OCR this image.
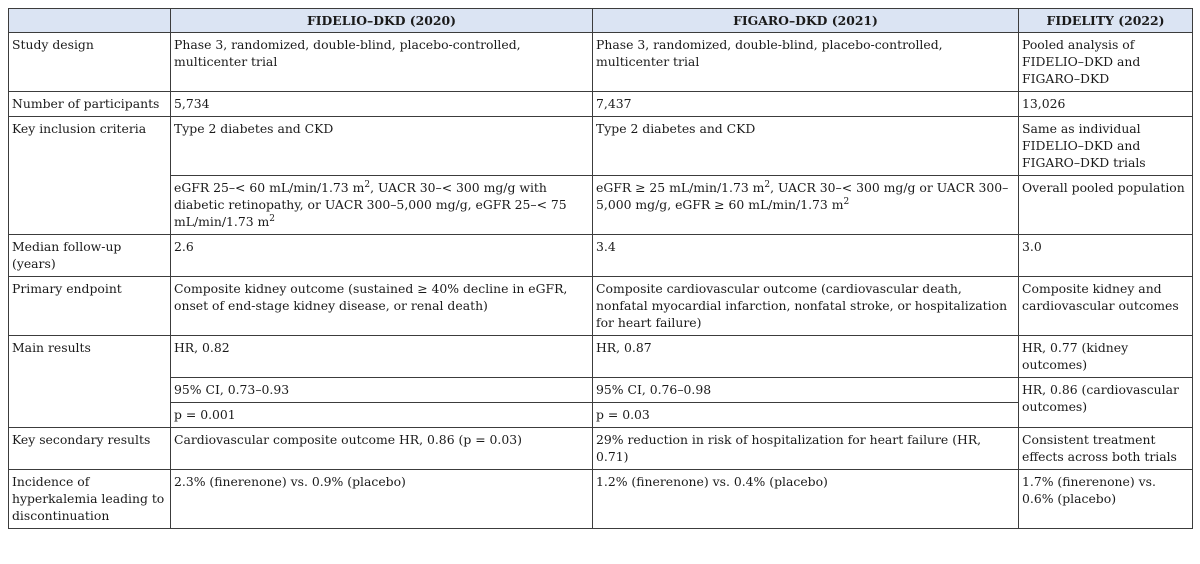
	FIDELIO–DKD (2020)	FIGARO–DKD (2021)	FIDELITY (2022)
Study design	Phase 3, randomized, double-blind, placebo-controlled, multicenter trial	Phase 3, randomized, double-blind, placebo-controlled, multicenter trial	Pooled analysis of FIDELIO–DKD and FIGARO–DKD
Number of participants	5,734	7,437	13,026
Key inclusion criteria	Type 2 diabetes and CKD	Type 2 diabetes and CKD	Same as individual FIDELIO–DKD and FIGARO–DKD trials
	eGFR 25–< 60 mL/min/1.73 $m^2$, UACR 30–< 300 mg/g with diabetic retinopathy, or UACR 300–5,000 mg/g, eGFR 25–< 75 mL/min/1.73 $m^2$	eGFR ≥ 25 mL/min/1.73 $m^2$, UACR 30–< 300 mg/g or UACR 300–5,000 mg/g, eGFR ≥ 60 mL/min/1.73 $m^2$	Overall pooled population
Median follow-up (years)	2.6	3.4	3.0
Primary endpoint	Composite kidney outcome (sustained ≥ 40% decline in eGFR, onset of end-stage kidney disease, or renal death)	Composite cardiovascular outcome (cardiovascular death, nonfatal myocardial infarction, nonfatal stroke, or hospitalization for heart failure)	Composite kidney and cardiovascular outcomes
Main results	HR, 0.82	HR, 0.87	HR, 0.77 (kidney outcomes)
	95% CI, 0.73–0.93	95% CI, 0.76–0.98	HR, 0.86 (cardiovascular outcomes)
	p = 0.001	p = 0.03	
Key secondary results	Cardiovascular composite outcome HR, 0.86 (p = 0.03)	29% reduction in risk of hospitalization for heart failure (HR, 0.71)	Consistent treatment effects across both trials
Incidence of hyperkalemia leading to discontinuation	2.3% (finerenone) vs. 0.9% (placebo)	1.2% (finerenone) vs. 0.4% (placebo)	1.7% (finerenone) vs. 0.6% (placebo)
